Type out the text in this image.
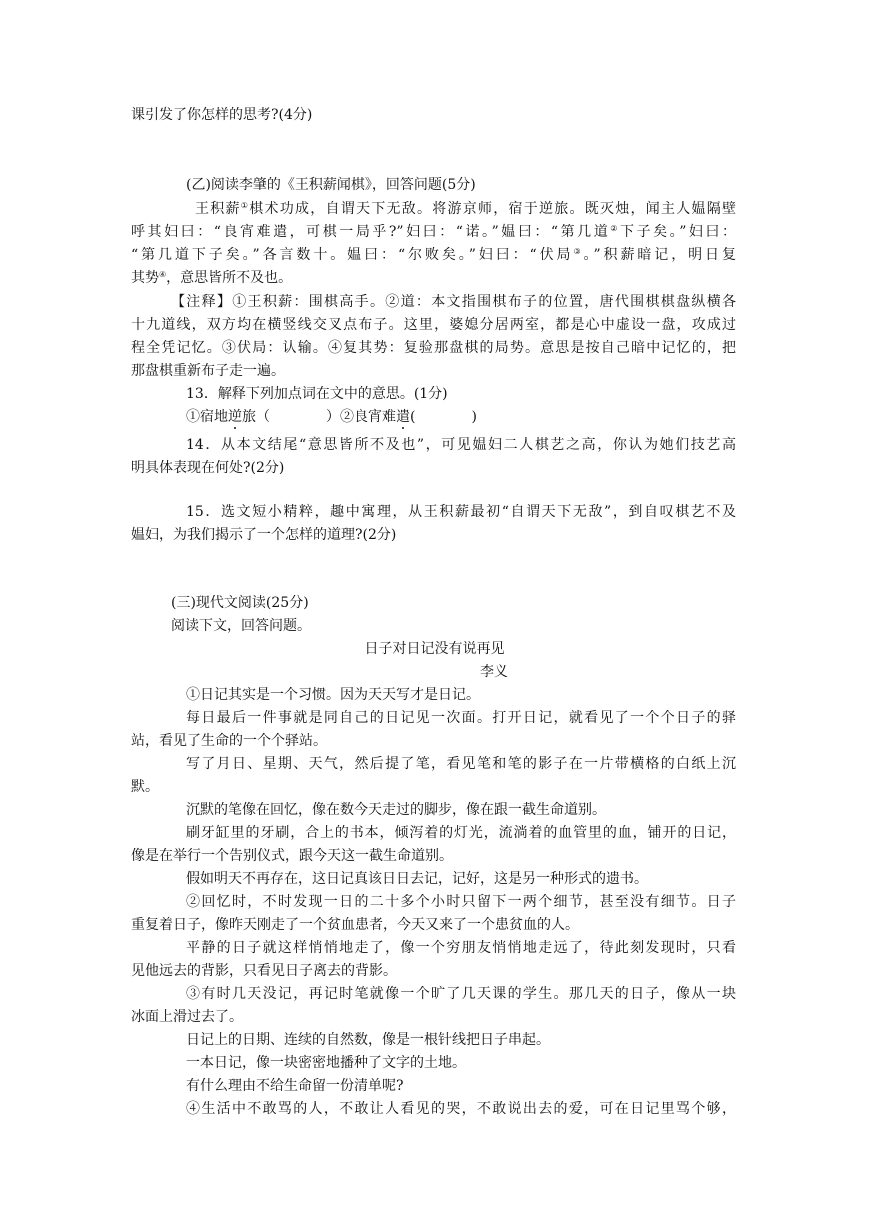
课引发了你怎样的思考?(4分)
(乙)阅读李肇的《王积薪闻棋》，回答问题(5分)
王积薪①棋术功成，自谓天下无敌。将游京师，宿于逆旅。既灭烛，闻主人媪隔壁
呼其妇曰：“良宵难遣，可棋一局乎?”妇曰：“诺。”媪曰：“第几道②下子矣。”妇曰：
“第几道下子矣。”各言数十。媪曰：“尔败矣。”妇曰：“伏局③。”积薪暗记，明日复
其势④，意思皆所不及也。
【注释】①王积薪：围棋高手。②道：本文指围棋布子的位置，唐代围棋棋盘纵横各
十九道线，双方均在横竖线交叉点布子。这里，婆媳分居两室，都是心中虚设一盘，攻成过
程全凭记忆。③伏局：认输。④复其势：复验那盘棋的局势。意思是按自己暗中记忆的，把
那盘棋重新布子走一遍。
13．解释下列加点词在文中的意思。(1分)
①宿地逆旅（	）②良宵难遣(	)
14．从本文结尾“意思皆所不及也”，可见媪妇二人棋艺之高，你认为她们技艺高
明具体表现在何处?(2分)
15．选文短小精粹，趣中寓理，从王积薪最初“自谓天下无敌”，到自叹棋艺不及
媪妇，为我们揭示了一个怎样的道理?(2分)
(三)现代文阅读(25分)
阅读下文，回答问题。
日子对日记没有说再见
李义
①日记其实是一个习惯。因为天天写才是日记。
每日最后一件事就是同自己的日记见一次面。打开日记，就看见了一个个日子的驿
站，看见了生命的一个个驿站。
写了月日、星期、天气，然后提了笔，看见笔和笔的影子在一片带横格的白纸上沉
默。
沉默的笔像在回忆，像在数今天走过的脚步，像在跟一截生命道别。
刷牙缸里的牙刷，合上的书本，倾泻着的灯光，流淌着的血管里的血，铺开的日记，
像是在举行一个告别仪式，跟今天这一截生命道别。
假如明天不再存在，这日记真该日日去记，记好，这是另一种形式的遗书。
②回忆时，不时发现一日的二十多个小时只留下一两个细节，甚至没有细节。日子
重复着日子，像昨天刚走了一个贫血患者，今天又来了一个患贫血的人。
平静的日子就这样悄悄地走了，像一个穷朋友悄悄地走远了，待此刻发现时，只看
见他远去的背影，只看见日子离去的背影。
③有时几天没记，再记时笔就像一个旷了几天课的学生。那几天的日子，像从一块
冰面上滑过去了。
日记上的日期、连续的自然数，像是一根针线把日子串起。
一本日记，像一块密密地播种了文字的土地。
有什么理由不给生命留一份清单呢?
④生活中不敢骂的人，不敢让人看见的哭，不敢说出去的爱，可在日记里骂个够，
